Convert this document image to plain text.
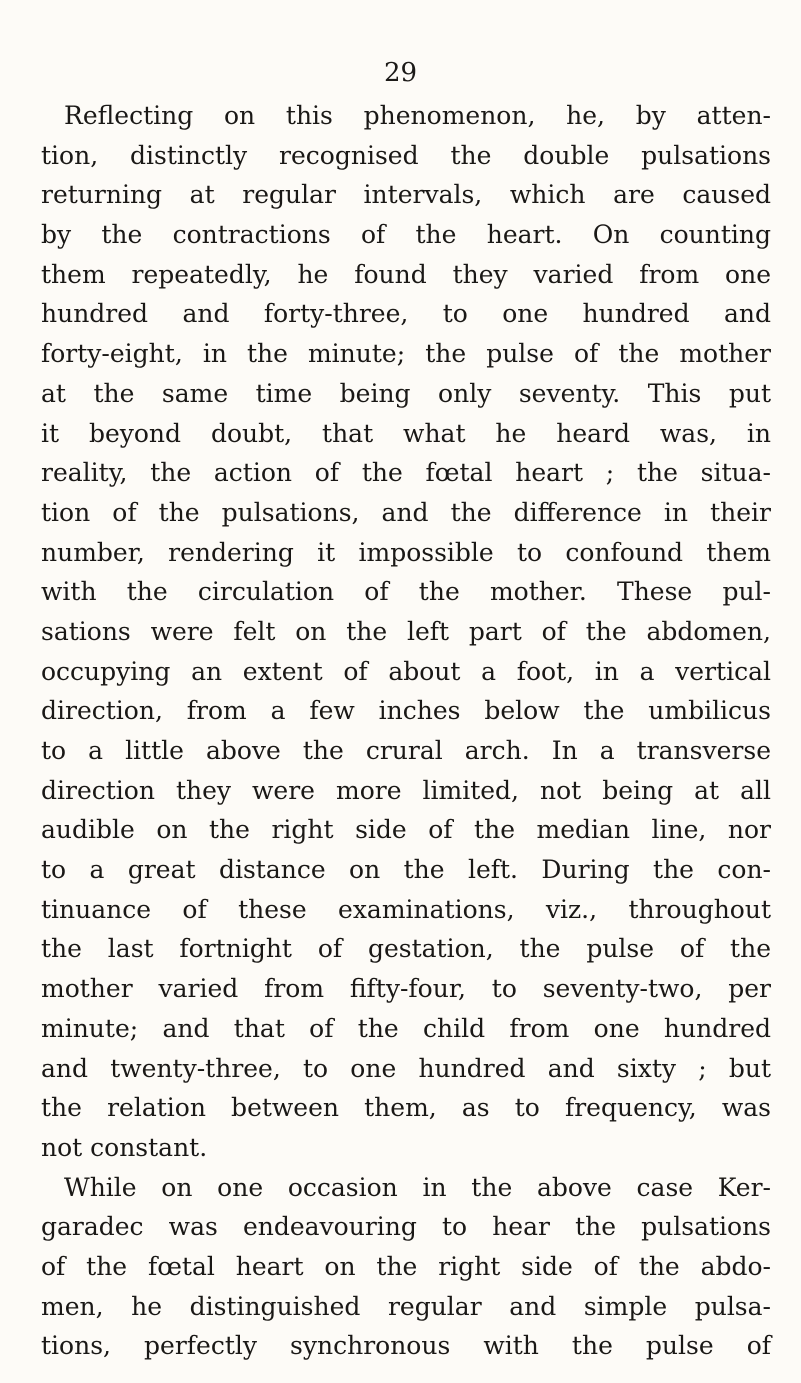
29
Reflecting on this phenomenon, he, by atten-
tion, distinctly recognised the double pulsations
returning at regular intervals, which are caused
by the contractions of the heart. On counting
them repeatedly, he found they varied from one
hundred and forty-three, to one hundred and
forty-eight, in the minute; the pulse of the mother
at the same time being only seventy. This put
it beyond doubt, that what he heard was, in
reality, the action of the fœtal heart ; the situa-
tion of the pulsations, and the difference in their
number, rendering it impossible to confound them
with the circulation of the mother. These pul-
sations were felt on the left part of the abdomen,
occupying an extent of about a foot, in a vertical
direction, from a few inches below the umbilicus
to a little above the crural arch. In a transverse
direction they were more limited, not being at all
audible on the right side of the median line, nor
to a great distance on the left. During the con-
tinuance of these examinations, viz., throughout
the last fortnight of gestation, the pulse of the
mother varied from fifty-four, to seventy-two, per
minute; and that of the child from one hundred
and twenty-three, to one hundred and sixty ; but
the relation between them, as to frequency, was
not constant.
While on one occasion in the above case Ker-
garadec was endeavouring to hear the pulsations
of the fœtal heart on the right side of the abdo-
men, he distinguished regular and simple pulsa-
tions, perfectly synchronous with the pulse of
